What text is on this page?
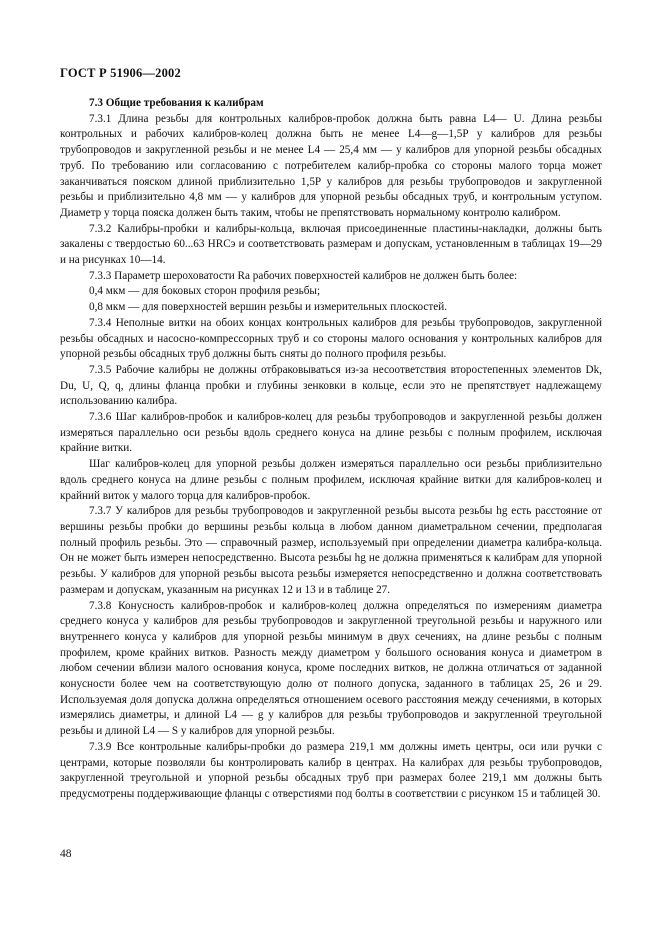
ГОСТ Р 51906—2002

7.3 Общие требования к калибрам

7.3.1 Длина резьбы для контрольных калибров-пробок должна быть равна L4— U. Длина резьбы контрольных и рабочих калибров-колец должна быть не менее L4—g—1,5P у калибров для резьбы трубопроводов и закругленной резьбы и не менее L4 — 25,4 мм — у калибров для упорной резьбы обсадных труб. По требованию или согласованию с потребителем калибр-пробка со стороны малого торца может заканчиваться пояском длиной приблизительно 1,5P у калибров для резьбы трубопроводов и закругленной резьбы и приблизительно 4,8 мм — у калибров для упорной резьбы обсадных труб, и контрольным уступом. Диаметр у торца пояска должен быть таким, чтобы не препятствовать нормальному контролю калибром.

7.3.2 Калибры-пробки и калибры-кольца, включая присоединенные пластины-накладки, должны быть закалены с твердостью 60...63 HRCэ и соответствовать размерам и допускам, установленным в таблицах 19—29 и на рисунках 10—14.

7.3.3 Параметр шероховатости Ra рабочих поверхностей калибров не должен быть более:

0,4 мкм — для боковых сторон профиля резьбы;

0,8 мкм — для поверхностей вершин резьбы и измерительных плоскостей.

7.3.4 Неполные витки на обоих концах контрольных калибров для резьбы трубопроводов, закругленной резьбы обсадных и насосно-компрессорных труб и со стороны малого основания у контрольных калибров для упорной резьбы обсадных труб должны быть сняты до полного профиля резьбы.

7.3.5 Рабочие калибры не должны отбраковываться из-за несоответствия второстепенных элементов Dk, Du, U, Q, q, длины фланца пробки и глубины зенковки в кольце, если это не препятствует надлежащему использованию калибра.

7.3.6 Шаг калибров-пробок и калибров-колец для резьбы трубопроводов и закругленной резьбы должен измеряться параллельно оси резьбы вдоль среднего конуса на длине резьбы с полным профилем, исключая крайние витки.

Шаг калибров-колец для упорной резьбы должен измеряться параллельно оси резьбы приблизительно вдоль среднего конуса на длине резьбы с полным профилем, исключая крайние витки для калибров-колец и крайний виток у малого торца для калибров-пробок.

7.3.7 У калибров для резьбы трубопроводов и закругленной резьбы высота резьбы hg есть расстояние от вершины резьбы пробки до вершины резьбы кольца в любом данном диаметральном сечении, предполагая полный профиль резьбы. Это — справочный размер, используемый при определении диаметра калибра-кольца. Он не может быть измерен непосредственно. Высота резьбы hg не должна применяться к калибрам для упорной резьбы. У калибров для упорной резьбы высота резьбы измеряется непосредственно и должна соответствовать размерам и допускам, указанным на рисунках 12 и 13 и в таблице 27.

7.3.8 Конусность калибров-пробок и калибров-колец должна определяться по измерениям диаметра среднего конуса у калибров для резьбы трубопроводов и закругленной треугольной резьбы и наружного или внутреннего конуса у калибров для упорной резьбы минимум в двух сечениях, на длине резьбы с полным профилем, кроме крайних витков. Разность между диаметром у большого основания конуса и диаметром в любом сечении вблизи малого основания конуса, кроме последних витков, не должна отличаться от заданной конусности более чем на соответствующую долю от полного допуска, заданного в таблицах 25, 26 и 29. Используемая доля допуска должна определяться отношением осевого расстояния между сечениями, в которых измерялись диаметры, и длиной L4 — g у калибров для резьбы трубопроводов и закругленной треугольной резьбы и длиной L4 — S у калибров для упорной резьбы.

7.3.9 Все контрольные калибры-пробки до размера 219,1 мм должны иметь центры, оси или ручки с центрами, которые позволяли бы контролировать калибр в центрах. На калибрах для резьбы трубопроводов, закругленной треугольной и упорной резьбы обсадных труб при размерах более 219,1 мм должны быть предусмотрены поддерживающие фланцы с отверстиями под болты в соответствии с рисунком 15 и таблицей 30.

48
